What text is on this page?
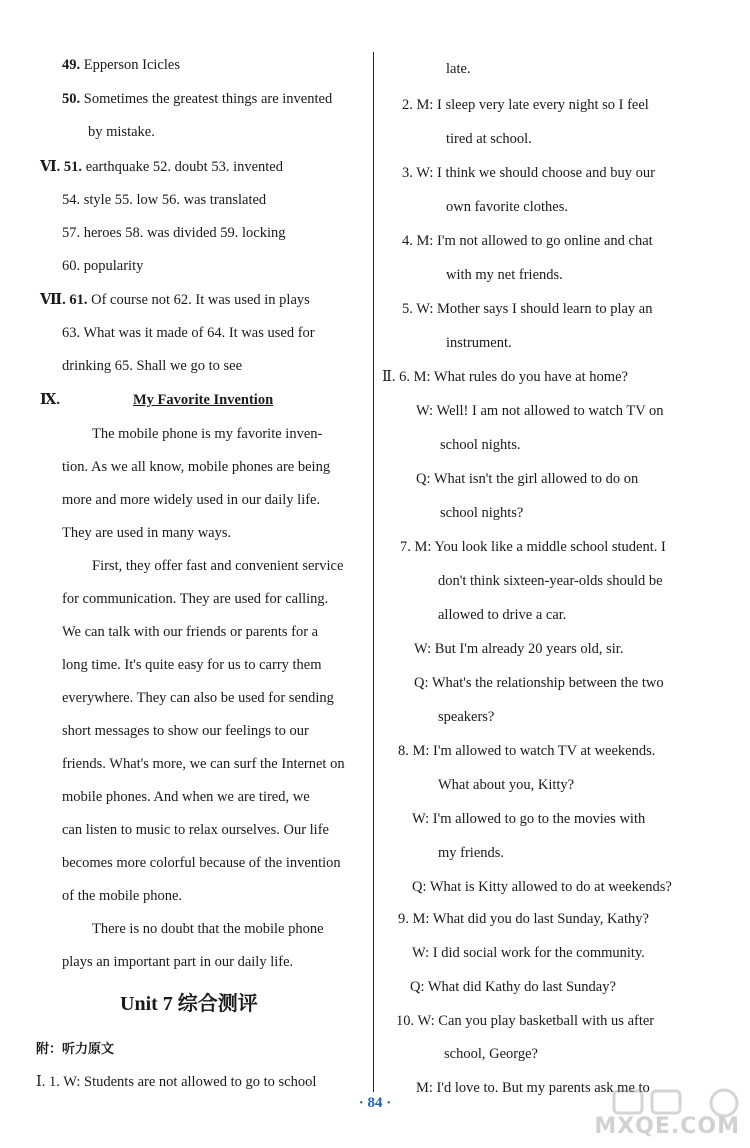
49. Epperson Icicles
50. Sometimes the greatest things are invented
by mistake.
Ⅵ. 51. earthquake 52. doubt 53. invented
54. style 55. low 56. was translated
57. heroes 58. was divided 59. locking
60. popularity
Ⅶ. 61. Of course not 62. It was used in plays
63. What was it made of 64. It was used for
drinking 65. Shall we go to see
Ⅸ.	My Favorite Invention
The mobile phone is my favorite inven-
tion. As we all know, mobile phones are being
more and more widely used in our daily life.
They are used in many ways.
First, they offer fast and convenient service
for communication. They are used for calling.
We can talk with our friends or parents for a
long time. It's quite easy for us to carry them
everywhere. They can also be used for sending
short messages to show our feelings to our
friends. What's more, we can surf the Internet on
mobile phones. And when we are tired, we
can listen to music to relax ourselves. Our life
becomes more colorful because of the invention
of the mobile phone.
There is no doubt that the mobile phone
plays an important part in our daily life.
Unit 7 综合测评
附：听力原文
Ⅰ. 1. W: Students are not allowed to go to school
late.
2. M: I sleep very late every night so I feel
tired at school.
3. W: I think we should choose and buy our
own favorite clothes.
4. M: I'm not allowed to go online and chat
with my net friends.
5. W: Mother says I should learn to play an
instrument.
Ⅱ. 6. M: What rules do you have at home?
W: Well! I am not allowed to watch TV on
school nights.
Q: What isn't the girl allowed to do on
school nights?
7. M: You look like a middle school student. I
don't think sixteen-year-olds should be
allowed to drive a car.
W: But I'm already 20 years old, sir.
Q: What's the relationship between the two
speakers?
8. M: I'm allowed to watch TV at weekends.
What about you, Kitty?
W: I'm allowed to go to the movies with
my friends.
Q: What is Kitty allowed to do at weekends?
9. M: What did you do last Sunday, Kathy?
W: I did social work for the community.
Q: What did Kathy do last Sunday?
10. W: Can you play basketball with us after
school, George?
M: I'd love to. But my parents ask me to
· 84 ·
MXQE.COM
